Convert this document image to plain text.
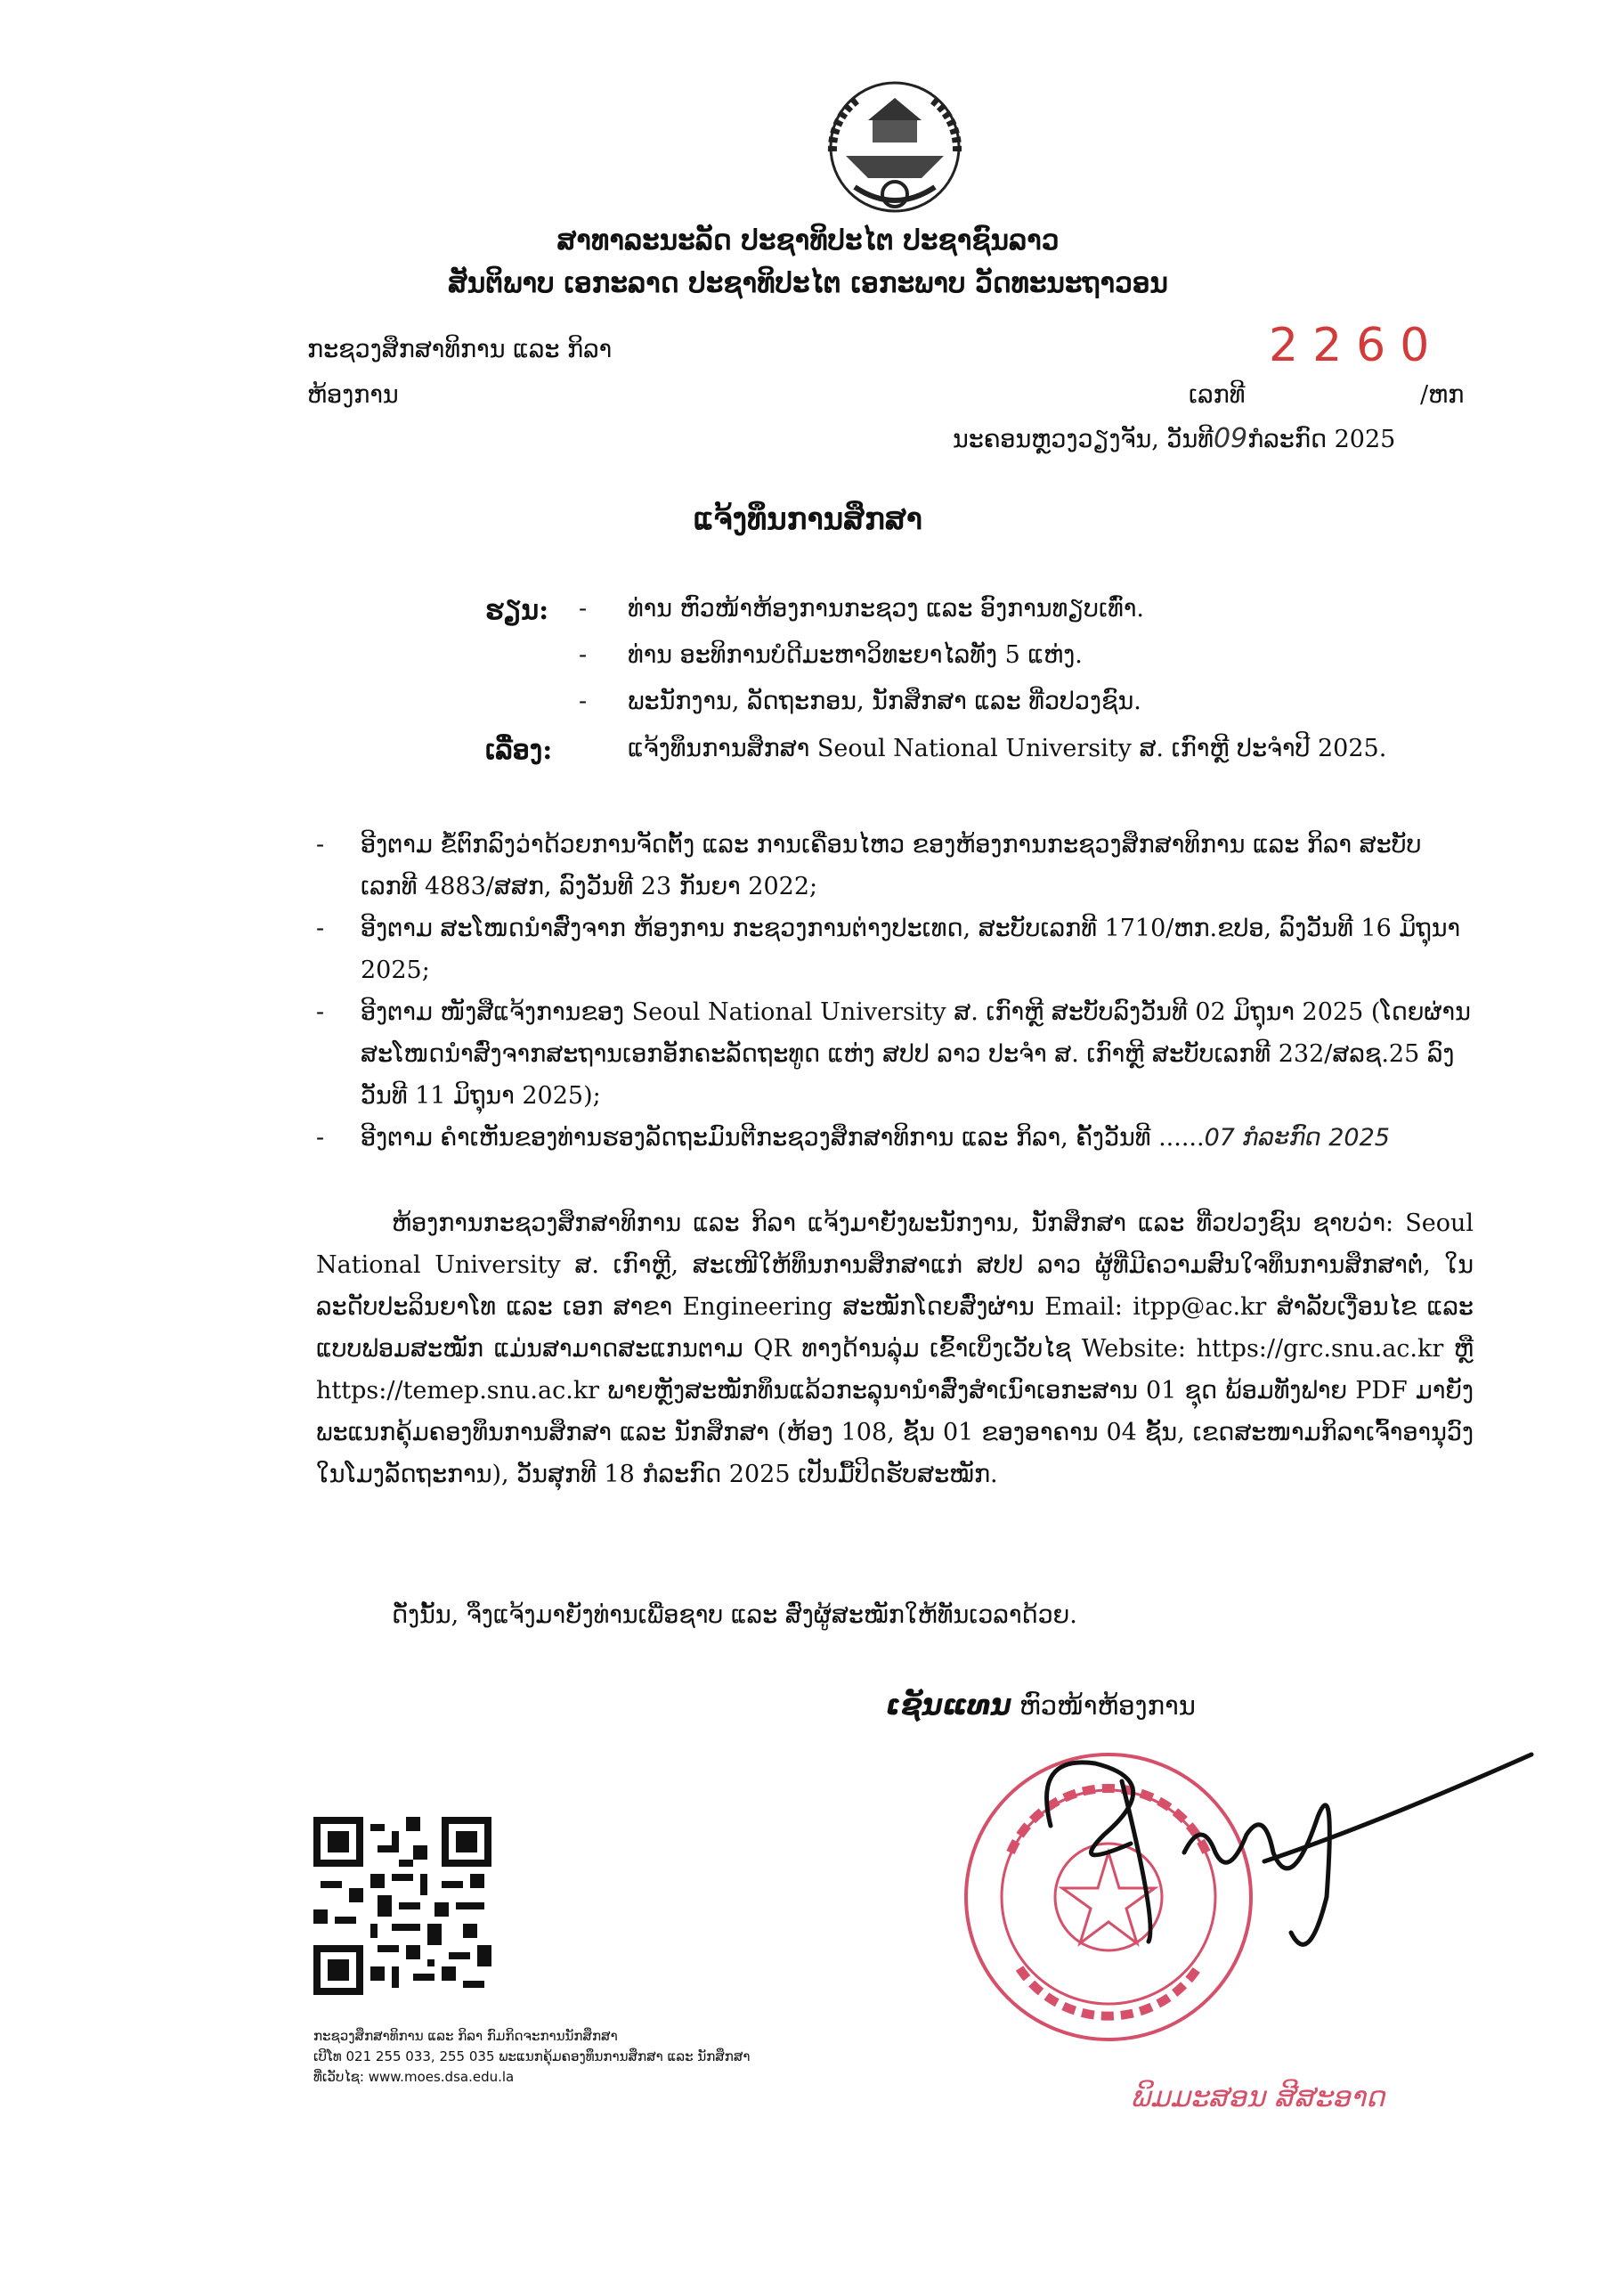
ສາທາລະນະລັດ ປະຊາທິປະໄຕ ປະຊາຊົນລາວ
ສັນຕິພາບ ເອກະລາດ ປະຊາທິປະໄຕ ເອກະພາບ ວັດທະນະຖາວອນ
ກະຊວງສຶກສາທິການ ແລະ ກິລາ
ຫ້ອງການ
2260
ເລກທີ	/ຫກ
ນະຄອນຫຼວງວຽງຈັນ, ວັນທີ09ກໍລະກົດ 2025
ແຈ້ງທຶນການສຶກສາ
ຮຽນ: - ທ່ານ ຫົວໜ້າຫ້ອງການກະຊວງ ແລະ ອົງການທຽບເທົ່າ.
- ທ່ານ ອະທິການບໍດີມະຫາວິທະຍາໄລທັງ 5 ແຫ່ງ.
- ພະນັກງານ, ລັດຖະກອນ, ນັກສຶກສາ ແລະ ທີ່ວປວງຊົນ.
ເລື່ອງ:	ແຈ້ງທຶນການສຶກສາ Seoul National University ສ. ເກົາຫຼີ ປະຈຳປີ 2025.

- ອີງຕາມ ຂໍ້ຕົກລົງວ່າດ້ວຍການຈັດຕັ້ງ ແລະ ການເຄື່ອນໄຫວ ຂອງຫ້ອງການກະຊວງສຶກສາທິການ ແລະ ກິລາ ສະບັບເລກທີ 4883/ສສກ, ລົງວັນທີ 23 ກັນຍາ 2022;

- ອີງຕາມ ສະໂໜດນຳສົ່ງຈາກ ຫ້ອງການ ກະຊວງການຕ່າງປະເທດ, ສະບັບເລກທີ 1710/ຫກ.ຂປອ, ລົງວັນທີ 16 ມິຖຸນາ 2025;

- ອີງຕາມ ໜັງສືແຈ້ງການຂອງ Seoul National University ສ. ເກົາຫຼີ ສະບັບລົງວັນທີ 02 ມິຖຸນາ 2025 (ໂດຍຜ່ານສະໂໜດນຳສົ່ງຈາກສະຖານເອກອັກຄະລັດຖະທູດ ແຫ່ງ ສປປ ລາວ ປະຈຳ ສ. ເກົາຫຼີ ສະບັບເລກທີ 232/ສລຊ.25 ລົງວັນທີ 11 ມິຖຸນາ 2025);

- ອີງຕາມ ຄຳເຫັນຂອງທ່ານຮອງລັດຖະມົນຕີກະຊວງສຶກສາທິການ ແລະ ກິລາ, ຄັ້ງວັນທີ ......07 ກໍລະກົດ 2025

ຫ້ອງການກະຊວງສຶກສາທິການ ແລະ ກິລາ ແຈ້ງມາຍັງພະນັກງານ, ນັກສຶກສາ ແລະ ທີ່ວປວງຊົນ ຊາບວ່າ: Seoul National University ສ. ເກົາຫຼີ, ສະເໜີໃຫ້ທຶນການສຶກສາແກ່ ສປປ ລາວ ຜູ້ທີ່ມີຄວາມສົນໃຈທຶນການສຶກສາຕໍ່, ໃນລະດັບປະລິນຍາໂທ ແລະ ເອກ ສາຂາ Engineering ສະໝັກໂດຍສົ່ງຜ່ານ Email: itpp@ac.kr ສຳລັບເງື່ອນໄຂ ແລະ ແບບຟອມສະໝັກ ແມ່ນສາມາດສະແກນຕາມ QR ທາງດ້ານລຸ່ມ ເຂົ້າເບິ່ງເວັບໄຊ Website: https://grc.snu.ac.kr ຫຼື https://temep.snu.ac.kr ພາຍຫຼັງສະໝັກທຶນແລ້ວກະລຸນານຳສົ່ງສຳເນົາເອກະສານ 01 ຊຸດ ພ້ອມທັງຟາຍ PDF ມາຍັງພະແນກຄຸ້ມຄອງທຶນການສຶກສາ ແລະ ນັກສຶກສາ (ຫ້ອງ 108, ຊັ້ນ 01 ຂອງອາຄານ 04 ຊັ້ນ, ເຂດສະໜາມກິລາເຈົ້າອານຸວົງ ໃນໂມງລັດຖະການ), ວັນສຸກທີ 18 ກໍລະກົດ 2025 ເປັນມື້ປິດຮັບສະໝັກ.

ດັ່ງນັ້ນ, ຈຶ່ງແຈ້ງມາຍັງທ່ານເພື່ອຊາບ ແລະ ສົ່ງຜູ້ສະໝັກໃຫ້ທັນເວລາດ້ວຍ.

ເຊັນແທນ ຫົວໜ້າຫ້ອງການ
ກະຊວງສຶກສາທິການ ແລະ ກິລາ ກົມກິດຈະການນັກສຶກສາ
ເບີໂທ 021 255 033, 255 035 ພະແນກຄຸ້ມຄອງທຶນການສຶກສາ ແລະ ນັກສຶກສາ
ທີ່ເວັບໄຊ: www.moes.dsa.edu.la
ພິມມະສອນ ສີສະອາດ
